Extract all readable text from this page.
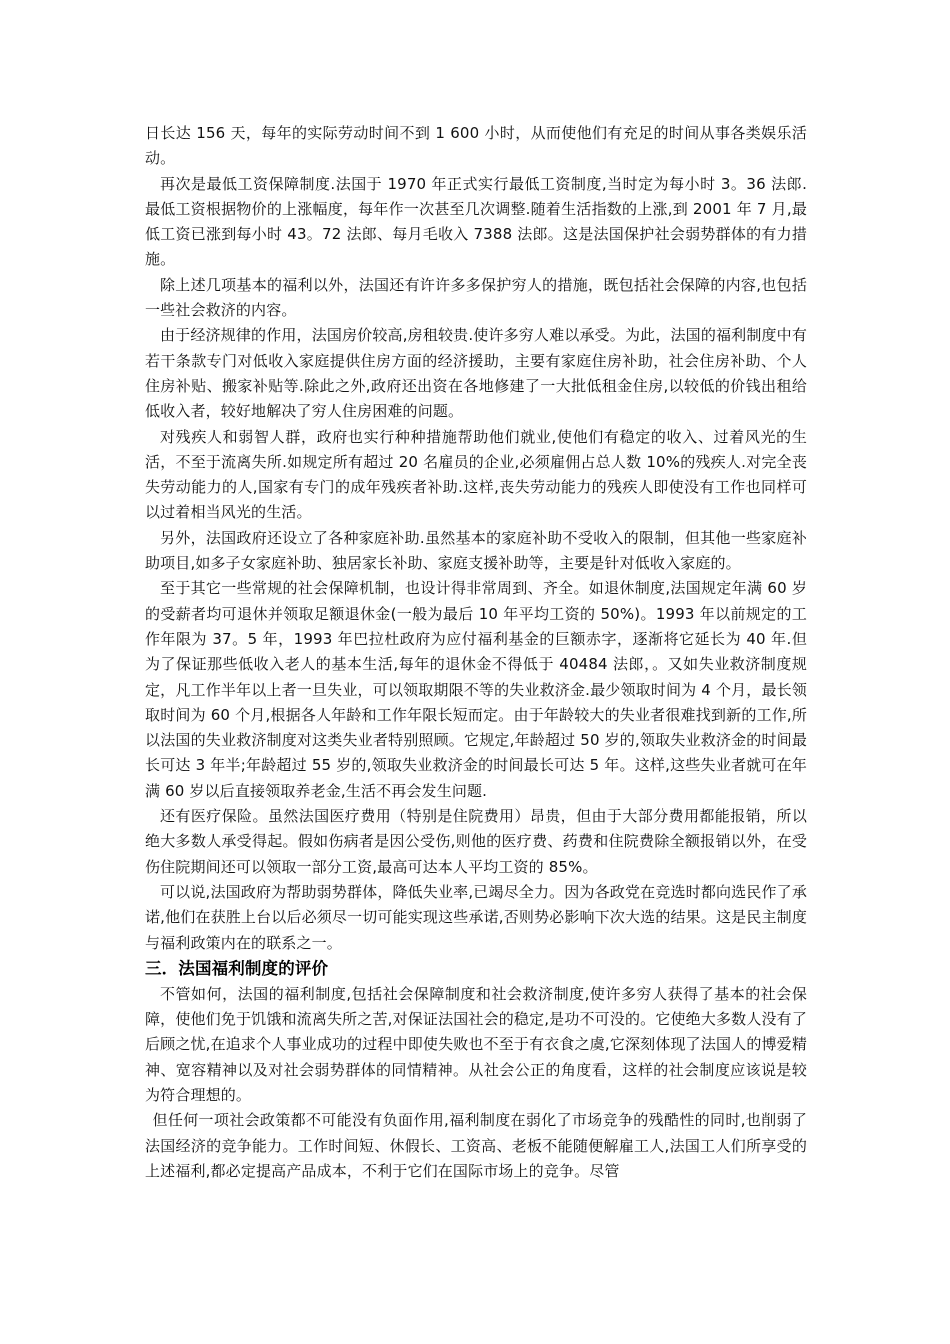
日长达 156 天，每年的实际劳动时间不到 1 600 小时，从而使他们有充足的时间从事各类娱乐活动。

再次是最低工资保障制度.法国于 1970 年正式实行最低工资制度,当时定为每小时 3。36 法郎.最低工资根据物价的上涨幅度，每年作一次甚至几次调整.随着生活指数的上涨,到 2001 年 7 月,最低工资已涨到每小时 43。72 法郎、每月毛收入 7388 法郎。这是法国保护社会弱势群体的有力措施。

除上述几项基本的福利以外，法国还有许许多多保护穷人的措施，既包括社会保障的内容,也包括一些社会救济的内容。

由于经济规律的作用，法国房价较高,房租较贵.使许多穷人难以承受。为此，法国的福利制度中有若干条款专门对低收入家庭提供住房方面的经济援助，主要有家庭住房补助，社会住房补助、个人住房补贴、搬家补贴等.除此之外,政府还出资在各地修建了一大批低租金住房,以较低的价钱出租给低收入者，较好地解决了穷人住房困难的问题。

对残疾人和弱智人群，政府也实行种种措施帮助他们就业,使他们有稳定的收入、过着风光的生活，不至于流离失所.如规定所有超过 20 名雇员的企业,必须雇佣占总人数 10%的残疾人.对完全丧失劳动能力的人,国家有专门的成年残疾者补助.这样,丧失劳动能力的残疾人即使没有工作也同样可以过着相当风光的生活。

另外，法国政府还设立了各种家庭补助.虽然基本的家庭补助不受收入的限制，但其他一些家庭补助项目,如多子女家庭补助、独居家长补助、家庭支援补助等，主要是针对低收入家庭的。

至于其它一些常规的社会保障机制，也设计得非常周到、齐全。如退休制度,法国规定年满 60 岁的受薪者均可退休并领取足额退休金(一般为最后 10 年平均工资的 50%)。1993 年以前规定的工作年限为 37。5 年，1993 年巴拉杜政府为应付福利基金的巨额赤字，逐渐将它延长为 40 年.但为了保证那些低收入老人的基本生活,每年的退休金不得低于 40484 法郎，。又如失业救济制度规定，凡工作半年以上者一旦失业，可以领取期限不等的失业救济金.最少领取时间为 4 个月，最长领取时间为 60 个月,根据各人年龄和工作年限长短而定。由于年龄较大的失业者很难找到新的工作,所以法国的失业救济制度对这类失业者特别照顾。它规定,年龄超过 50 岁的,领取失业救济金的时间最长可达 3 年半;年龄超过 55 岁的,领取失业救济金的时间最长可达 5 年。这样,这些失业者就可在年满 60 岁以后直接领取养老金,生活不再会发生问题.

还有医疗保险。虽然法国医疗费用（特别是住院费用）昂贵，但由于大部分费用都能报销，所以绝大多数人承受得起。假如伤病者是因公受伤,则他的医疗费、药费和住院费除全额报销以外，在受伤住院期间还可以领取一部分工资,最高可达本人平均工资的 85%。

可以说,法国政府为帮助弱势群体，降低失业率,已竭尽全力。因为各政党在竞选时都向选民作了承诺,他们在获胜上台以后必须尽一切可能实现这些承诺,否则势必影响下次大选的结果。这是民主制度与福利政策内在的联系之一。

三．法国福利制度的评价

不管如何，法国的福利制度,包括社会保障制度和社会救济制度,使许多穷人获得了基本的社会保障，使他们免于饥饿和流离失所之苦,对保证法国社会的稳定,是功不可没的。它使绝大多数人没有了后顾之忧,在追求个人事业成功的过程中即使失败也不至于有衣食之虞,它深刻体现了法国人的博爱精神、宽容精神以及对社会弱势群体的同情精神。从社会公正的角度看，这样的社会制度应该说是较为符合理想的。

但任何一项社会政策都不可能没有负面作用,福利制度在弱化了市场竞争的残酷性的同时,也削弱了法国经济的竞争能力。工作时间短、休假长、工资高、老板不能随便解雇工人,法国工人们所享受的上述福利,都必定提高产品成本，不利于它们在国际市场上的竞争。尽管
